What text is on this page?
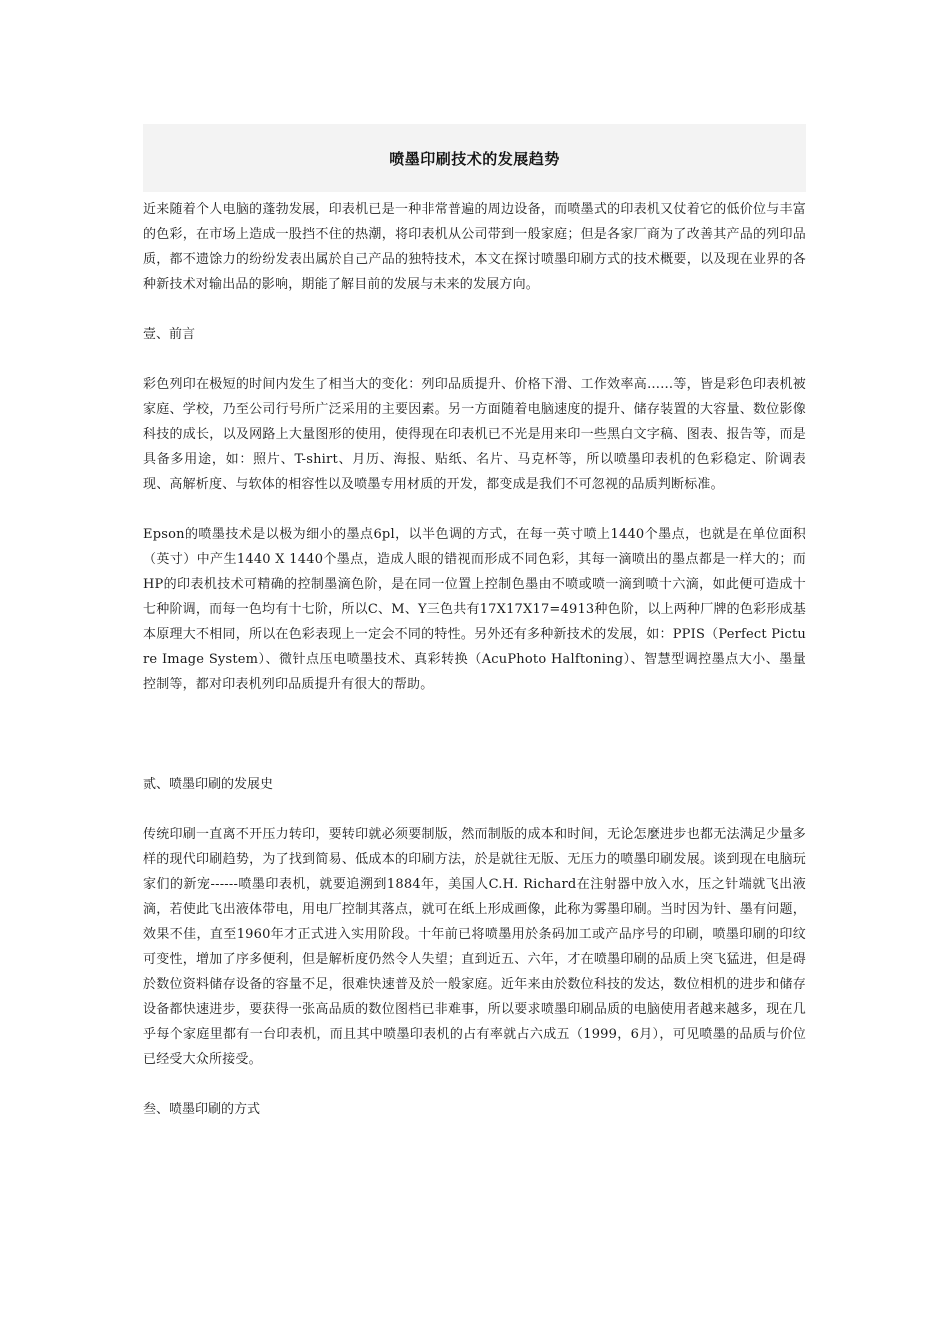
喷墨印刷技术的发展趋势

近来随着个人电脑的蓬勃发展，印表机已是一种非常普遍的周边设备，而喷墨式的印表机又仗着它的低价位与丰富的色彩，在市场上造成一股挡不住的热潮，将印表机从公司带到一般家庭；但是各家厂商为了改善其产品的列印品质，都不遗馀力的纷纷发表出属於自己产品的独特技术，本文在探讨喷墨印刷方式的技术概要，以及现在业界的各种新技术对输出品的影响，期能了解目前的发展与未来的发展方向。

壹、前言

彩色列印在极短的时间内发生了相当大的变化：列印品质提升、价格下滑、工作效率高……等，皆是彩色印表机被家庭、学校，乃至公司行号所广泛采用的主要因素。另一方面随着电脑速度的提升、储存装置的大容量、数位影像科技的成长，以及网路上大量图形的使用，使得现在印表机已不光是用来印一些黑白文字稿、图表、报告等，而是具备多用途，如：照片、T-shirt、月历、海报、贴纸、名片、马克杯等，所以喷墨印表机的色彩稳定、阶调表现、高解析度、与软体的相容性以及喷墨专用材质的开发，都变成是我们不可忽视的品质判断标准。

Epson的喷墨技术是以极为细小的墨点6pl，以半色调的方式，在每一英寸喷上1440个墨点，也就是在单位面积（英寸）中产生1440 X 1440个墨点，造成人眼的错视而形成不同色彩，其每一滴喷出的墨点都是一样大的；而HP的印表机技术可精确的控制墨滴色阶，是在同一位置上控制色墨由不喷或喷一滴到喷十六滴，如此便可造成十七种阶调，而每一色均有十七阶，所以C、M、Y三色共有17X17X17=4913种色阶，以上两种厂牌的色彩形成基本原理大不相同，所以在色彩表现上一定会不同的特性。另外还有多种新技术的发展，如：PPIS（Perfect Picture Image System）、微针点压电喷墨技术、真彩转换（AcuPhoto Halftoning）、智慧型调控墨点大小、墨量控制等，都对印表机列印品质提升有很大的帮助。

贰、喷墨印刷的发展史

传统印刷一直离不开压力转印，要转印就必须要制版，然而制版的成本和时间，无论怎麼进步也都无法满足少量多样的现代印刷趋势，为了找到简易、低成本的印刷方法，於是就往无版、无压力的喷墨印刷发展。谈到现在电脑玩家们的新宠------喷墨印表机，就要追溯到1884年，美国人C.H. Richard在注射器中放入水，压之针端就飞出液滴，若使此飞出液体带电，用电厂控制其落点，就可在纸上形成画像，此称为雾墨印刷。当时因为针、墨有问题，效果不佳，直至1960年才正式进入实用阶段。十年前已将喷墨用於条码加工或产品序号的印刷，喷墨印刷的印纹可变性，增加了序多便利，但是解析度仍然令人失望；直到近五、六年，才在喷墨印刷的品质上突飞猛进，但是碍於数位资料储存设备的容量不足，很难快速普及於一般家庭。近年来由於数位科技的发达，数位相机的进步和储存设备都快速进步，要获得一张高品质的数位图档已非难事，所以要求喷墨印刷品质的电脑使用者越来越多，现在几乎每个家庭里都有一台印表机，而且其中喷墨印表机的占有率就占六成五（1999，6月），可见喷墨的品质与价位已经受大众所接受。

叁、喷墨印刷的方式
